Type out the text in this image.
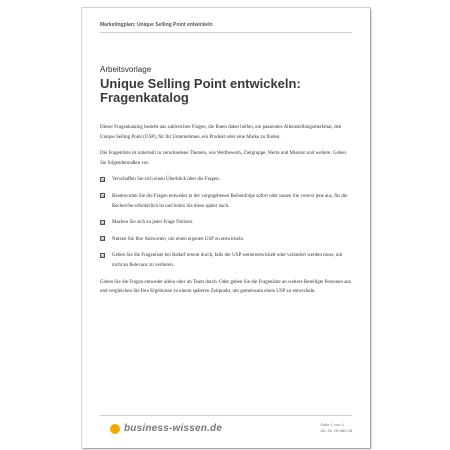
Marketingplan: Unique Selling Point entwickeln
Arbeitsvorlage
Unique Selling Point entwickeln: Fragenkatalog

Dieser Fragenkatalog besteht aus zahlreichen Fragen, die Ihnen dabei helfen, ein passendes Alleinstellungsmerkmal, den Unique Selling Point (USP), für Ihr Unternehmen, ein Produkt oder eine Marke zu finden.

Die Fragenliste ist unterteilt in verschiedene Themen, wie Wettbewerb, Zielgruppe, Werte und Mission und weitere. Gehen Sie folgendermaßen vor:

☑ Verschaffen Sie sich einen Überblick über die Fragen.
☑ Beantworten Sie die Fragen entweder in der vorgegebenen Reihenfolge sofort oder lassen Sie vorerst jene aus, für die Recherche erforderlich ist und holen Sie diese später nach.
☑ Machen Sie sich zu jeder Frage Notizen.
☑ Nutzen Sie Ihre Antworten, um einen eigenen USP zu entwickeln.
☑ Geben Sie die Fragenliste bei Bedarf erneut durch, falls der USP weiterentwickelt oder verändert werden muss, um nicht an Relevanz zu verlieren.

Gehen Sie die Fragen entweder allein oder im Team durch. Oder geben Sie die Fragenliste an weitere Beteiligte Personen aus und vergleichen Sie Ihre Ergebnisse zu einem späteren Zeitpunkt, um gemeinsam einen USP zu entwickeln.

business-wissen.de	Seite 1 von 4
Art.-Nr. 06.089.38
